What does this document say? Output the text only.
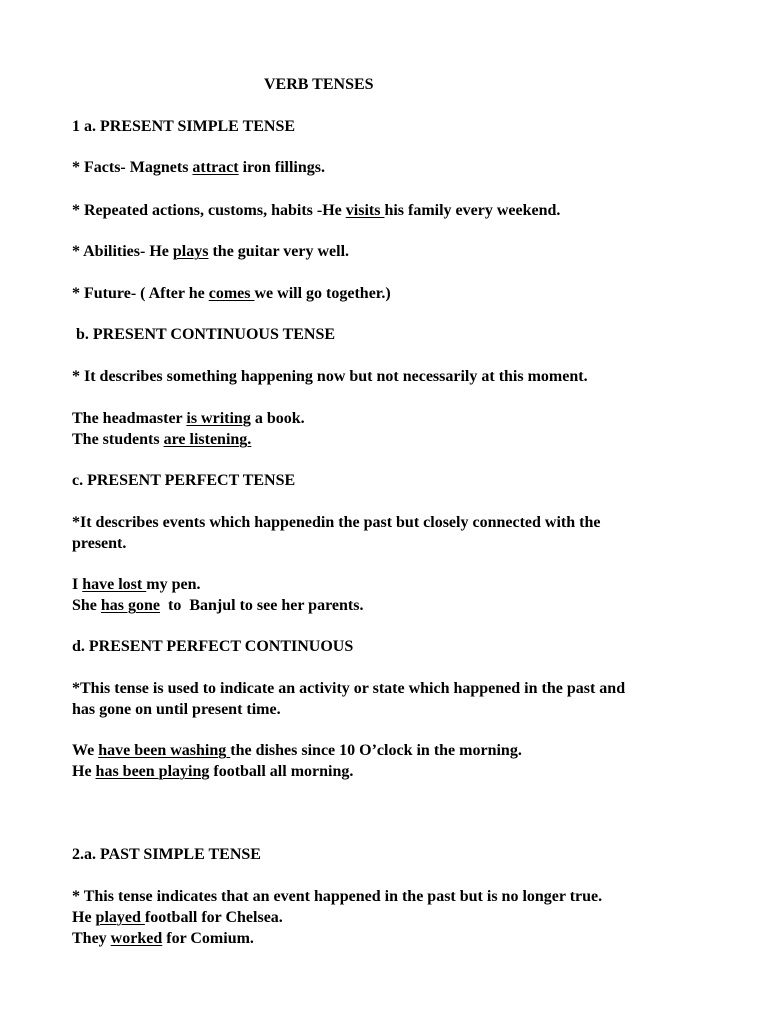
VERB TENSES

1 a. PRESENT SIMPLE TENSE

* Facts- Magnets attract iron fillings.

* Repeated actions, customs, habits -He visits his family every weekend.

* Abilities- He plays the guitar very well.

* Future- ( After he comes we will go together.)

b. PRESENT CONTINUOUS TENSE

* It describes something happening now but not necessarily at this moment.

The headmaster is writing a book.

The students are listening.

c. PRESENT PERFECT TENSE

*It describes events which happenedin the past but closely connected with the

present.

I have lost my pen.

She has gone  to  Banjul to see her parents.

d. PRESENT PERFECT CONTINUOUS

*This tense is used to indicate an activity or state which happened in the past and

has gone on until present time.

We have been washing the dishes since 10 O’clock in the morning.

He has been playing football all morning.

2.a. PAST SIMPLE TENSE

* This tense indicates that an event happened in the past but is no longer true.

He played football for Chelsea.

They worked for Comium.
